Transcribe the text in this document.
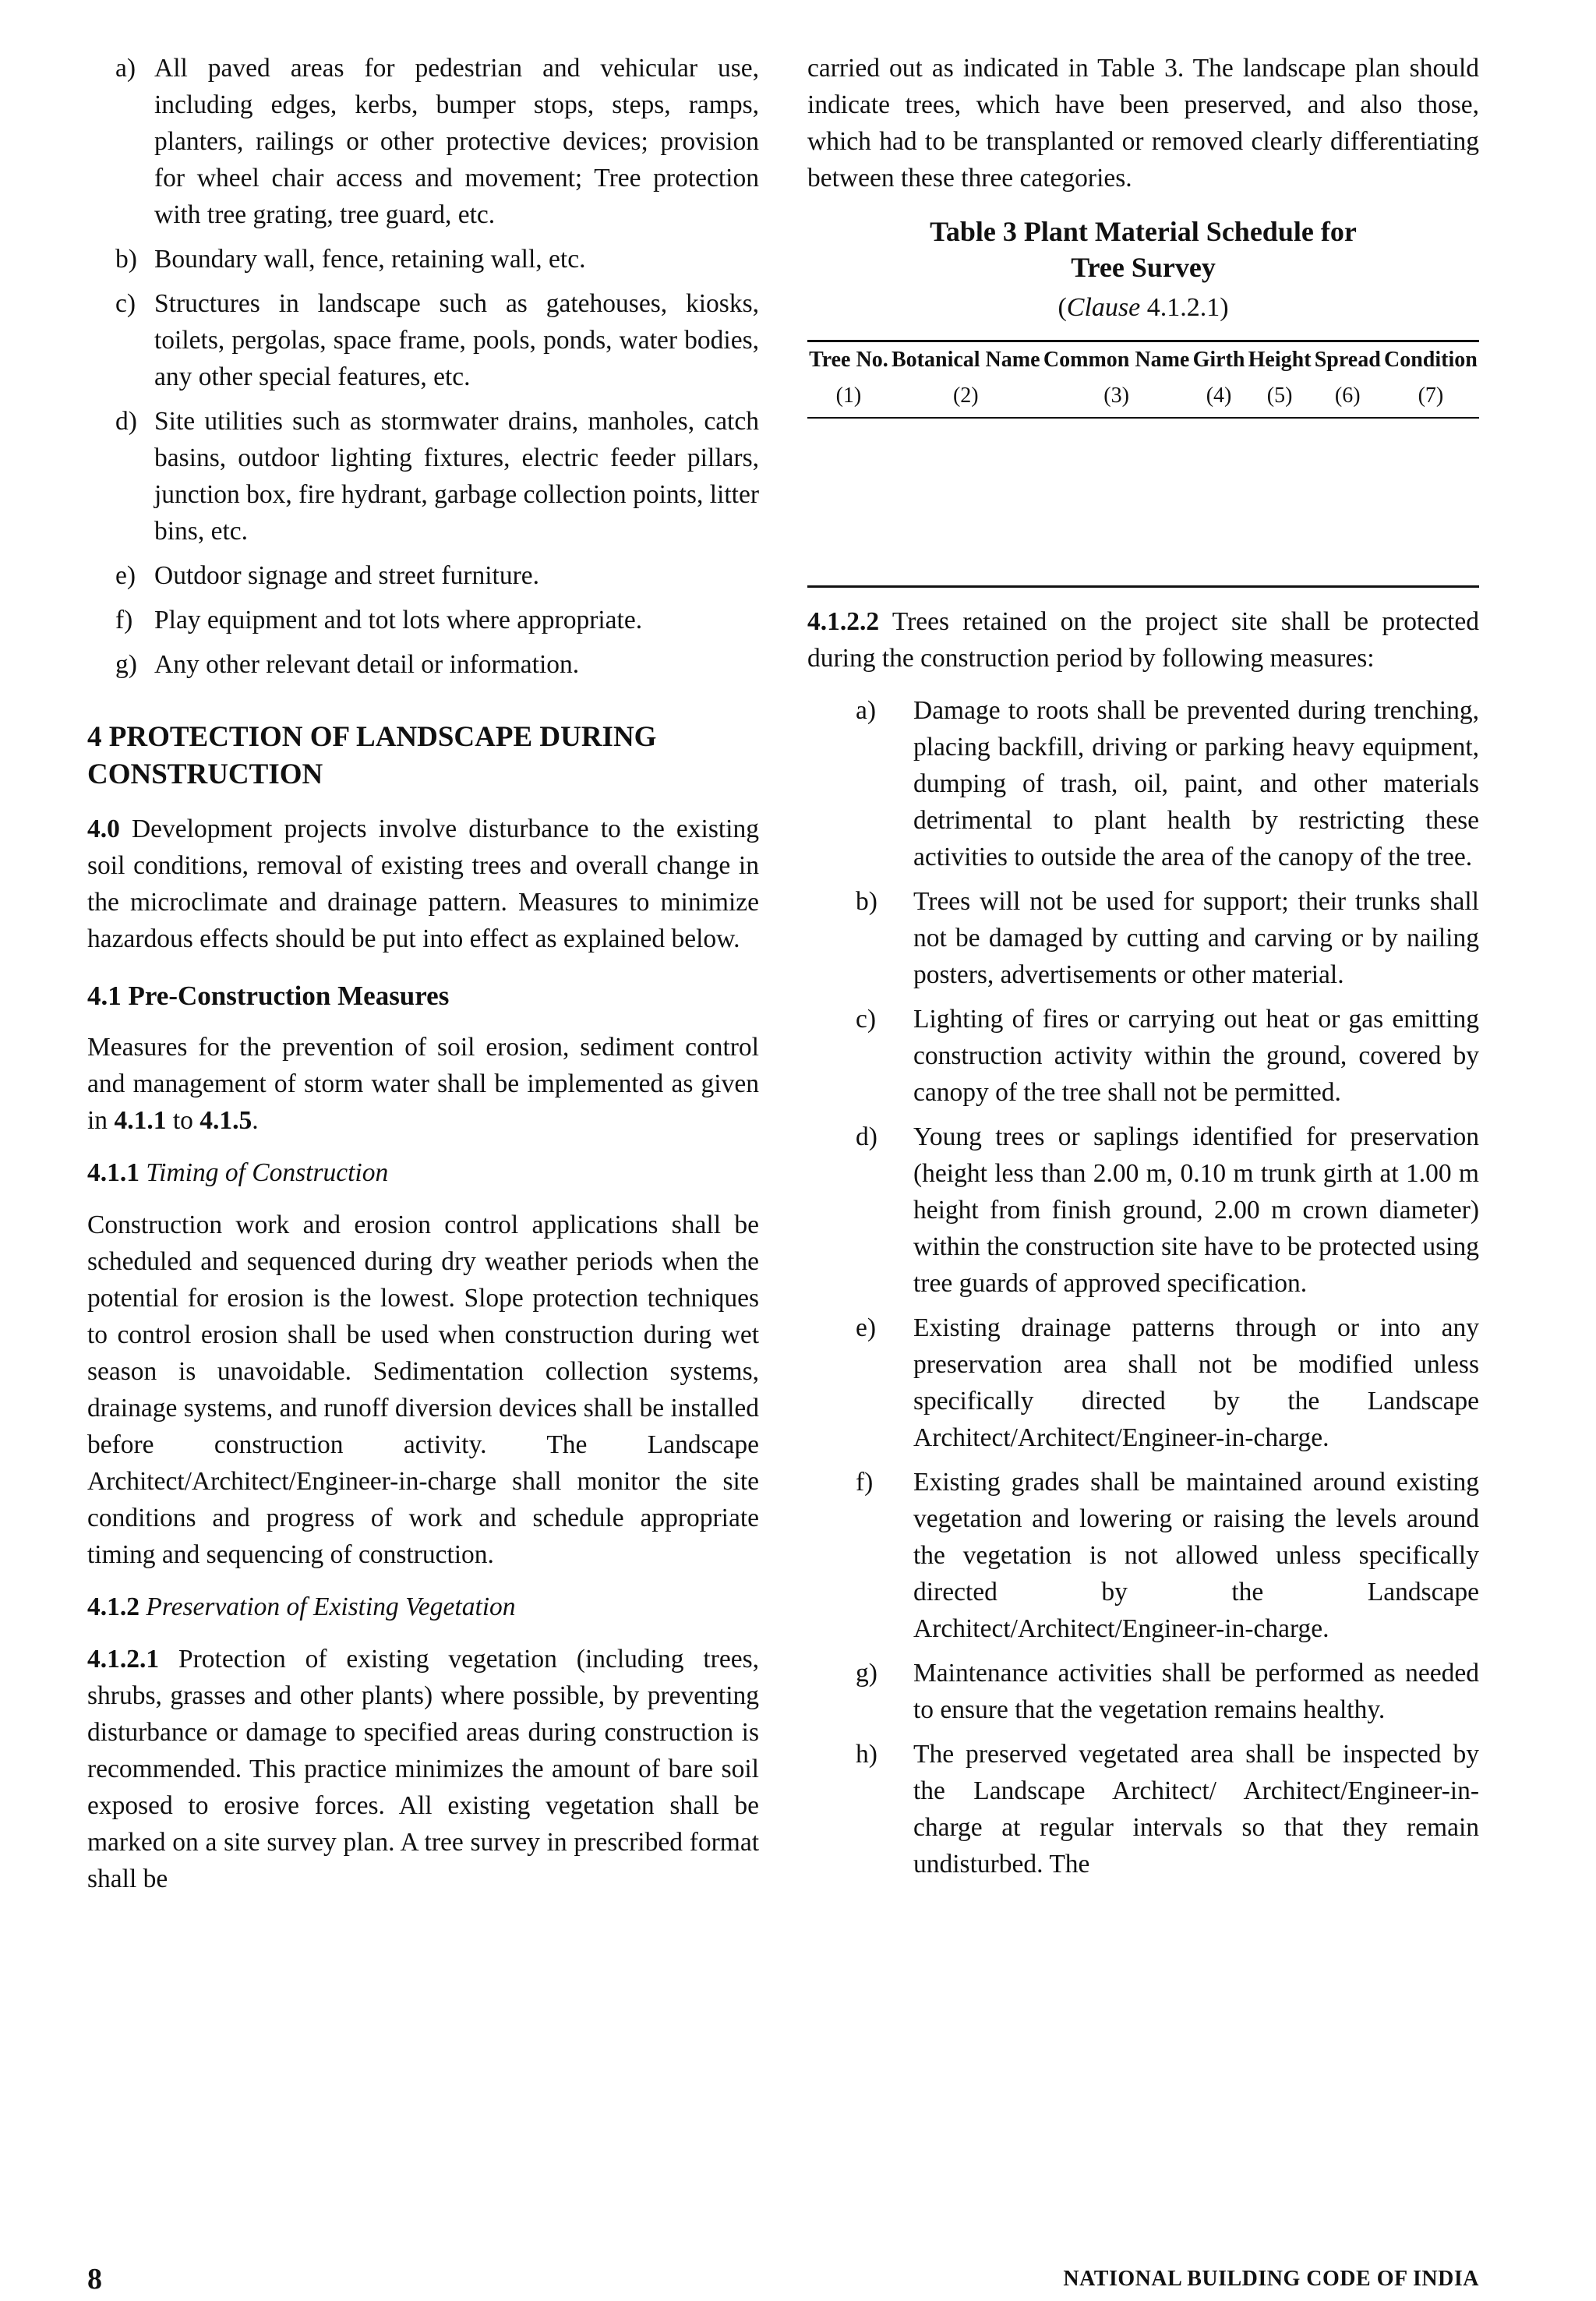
a) All paved areas for pedestrian and vehicular use, including edges, kerbs, bumper stops, steps, ramps, planters, railings or other protective devices; provision for wheel chair access and movement; Tree protection with tree grating, tree guard, etc.

b) Boundary wall, fence, retaining wall, etc.

c) Structures in landscape such as gatehouses, kiosks, toilets, pergolas, space frame, pools, ponds, water bodies, any other special features, etc.

d) Site utilities such as stormwater drains, manholes, catch basins, outdoor lighting fixtures, electric feeder pillars, junction box, fire hydrant, garbage collection points, litter bins, etc.

e) Outdoor signage and street furniture.

f) Play equipment and tot lots where appropriate.

g) Any other relevant detail or information.

4 PROTECTION OF LANDSCAPE DURING CONSTRUCTION

4.0 Development projects involve disturbance to the existing soil conditions, removal of existing trees and overall change in the microclimate and drainage pattern. Measures to minimize hazardous effects should be put into effect as explained below.

4.1 Pre-Construction Measures

Measures for the prevention of soil erosion, sediment control and management of storm water shall be implemented as given in 4.1.1 to 4.1.5.

4.1.1 Timing of Construction

Construction work and erosion control applications shall be scheduled and sequenced during dry weather periods when the potential for erosion is the lowest. Slope protection techniques to control erosion shall be used when construction during wet season is unavoidable. Sedimentation collection systems, drainage systems, and runoff diversion devices shall be installed before construction activity. The Landscape Architect/Architect/Engineer-in-charge shall monitor the site conditions and progress of work and schedule appropriate timing and sequencing of construction.

4.1.2 Preservation of Existing Vegetation

4.1.2.1 Protection of existing vegetation (including trees, shrubs, grasses and other plants) where possible, by preventing disturbance or damage to specified areas during construction is recommended. This practice minimizes the amount of bare soil exposed to erosive forces. All existing vegetation shall be marked on a site survey plan. A tree survey in prescribed format shall be

carried out as indicated in Table 3. The landscape plan should indicate trees, which have been preserved, and also those, which had to be transplanted or removed clearly differentiating between these three categories.

Table 3 Plant Material Schedule for
Tree Survey
(Clause 4.1.2.1)
Tree No.	Botanical Name	Common Name	Girth	Height	Spread	Condition
(1)	(2)	(3)	(4)	(5)	(6)	(7)

4.1.2.2 Trees retained on the project site shall be protected during the construction period by following measures:

a)	Damage to roots shall be prevented during trenching, placing backfill, driving or parking heavy equipment, dumping of trash, oil, paint, and other materials detrimental to plant health by restricting these activities to outside the area of the canopy of the tree.

b)	Trees will not be used for support; their trunks shall not be damaged by cutting and carving or by nailing posters, advertisements or other material.

c)	Lighting of fires or carrying out heat or gas emitting construction activity within the ground, covered by canopy of the tree shall not be permitted.

d)	Young trees or saplings identified for preservation (height less than 2.00 m, 0.10 m trunk girth at 1.00 m height from finish ground, 2.00 m crown diameter) within the construction site have to be protected using tree guards of approved specification.

e)	Existing drainage patterns through or into any preservation area shall not be modified unless specifically directed by the Landscape Architect/Architect/Engineer-in-charge.

f)	Existing grades shall be maintained around existing vegetation and lowering or raising the levels around the vegetation is not allowed unless specifically directed by the Landscape Architect/Architect/Engineer-in-charge.

g)	Maintenance activities shall be performed as needed to ensure that the vegetation remains healthy.

h)	The preserved vegetated area shall be inspected by the Landscape Architect/ Architect/Engineer-in-charge at regular intervals so that they remain undisturbed. The

8	NATIONAL BUILDING CODE OF INDIA
